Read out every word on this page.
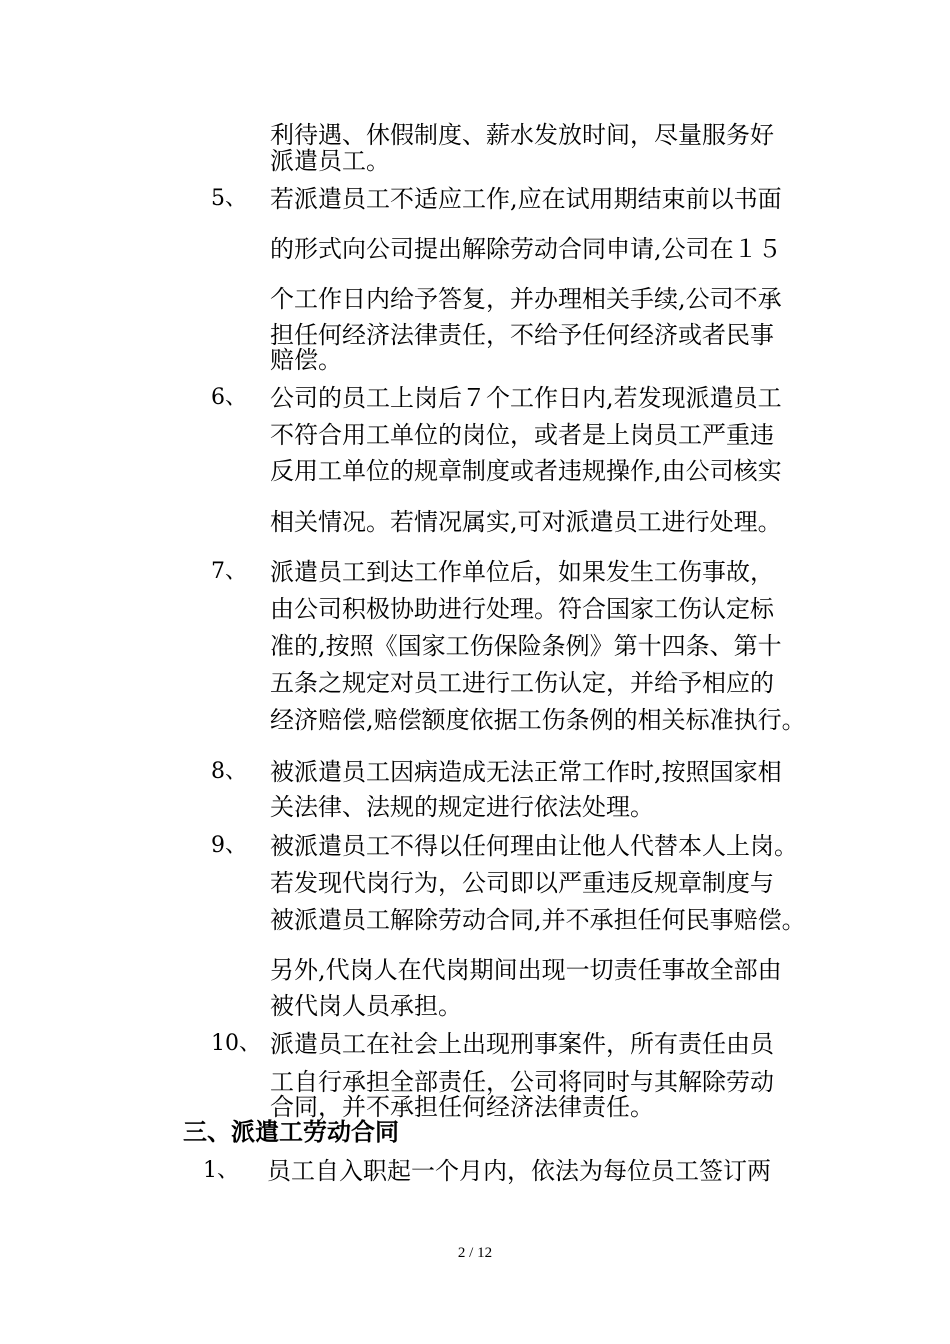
利待遇、休假制度、薪水发放时间，尽量服务好
派遣员工。
5、 若派遣员工不适应工作,应在试用期结束前以书面
的形式向公司提出解除劳动合同申请,公司在１５
个工作日内给予答复，并办理相关手续,公司不承
担任何经济法律责任，不给予任何经济或者民事
赔偿。
6、 公司的员工上岗后７个工作日内,若发现派遣员工
不符合用工单位的岗位，或者是上岗员工严重违
反用工单位的规章制度或者违规操作,由公司核实
相关情况。若情况属实,可对派遣员工进行处理。
7、 派遣员工到达工作单位后，如果发生工伤事故，
由公司积极协助进行处理。符合国家工伤认定标
准的,按照《国家工伤保险条例》第十四条、第十
五条之规定对员工进行工伤认定，并给予相应的
经济赔偿,赔偿额度依据工伤条例的相关标准执行。
8、 被派遣员工因病造成无法正常工作时,按照国家相
关法律、法规的规定进行依法处理。
9、 被派遣员工不得以任何理由让他人代替本人上岗。
若发现代岗行为，公司即以严重违反规章制度与
被派遣员工解除劳动合同,并不承担任何民事赔偿。
另外,代岗人在代岗期间出现一切责任事故全部由
被代岗人员承担。
10、 派遣员工在社会上出现刑事案件，所有责任由员
工自行承担全部责任，公司将同时与其解除劳动
合同，并不承担任何经济法律责任。
三、派遣工劳动合同
1、 员工自入职起一个月内，依法为每位员工签订两
2 / 12
